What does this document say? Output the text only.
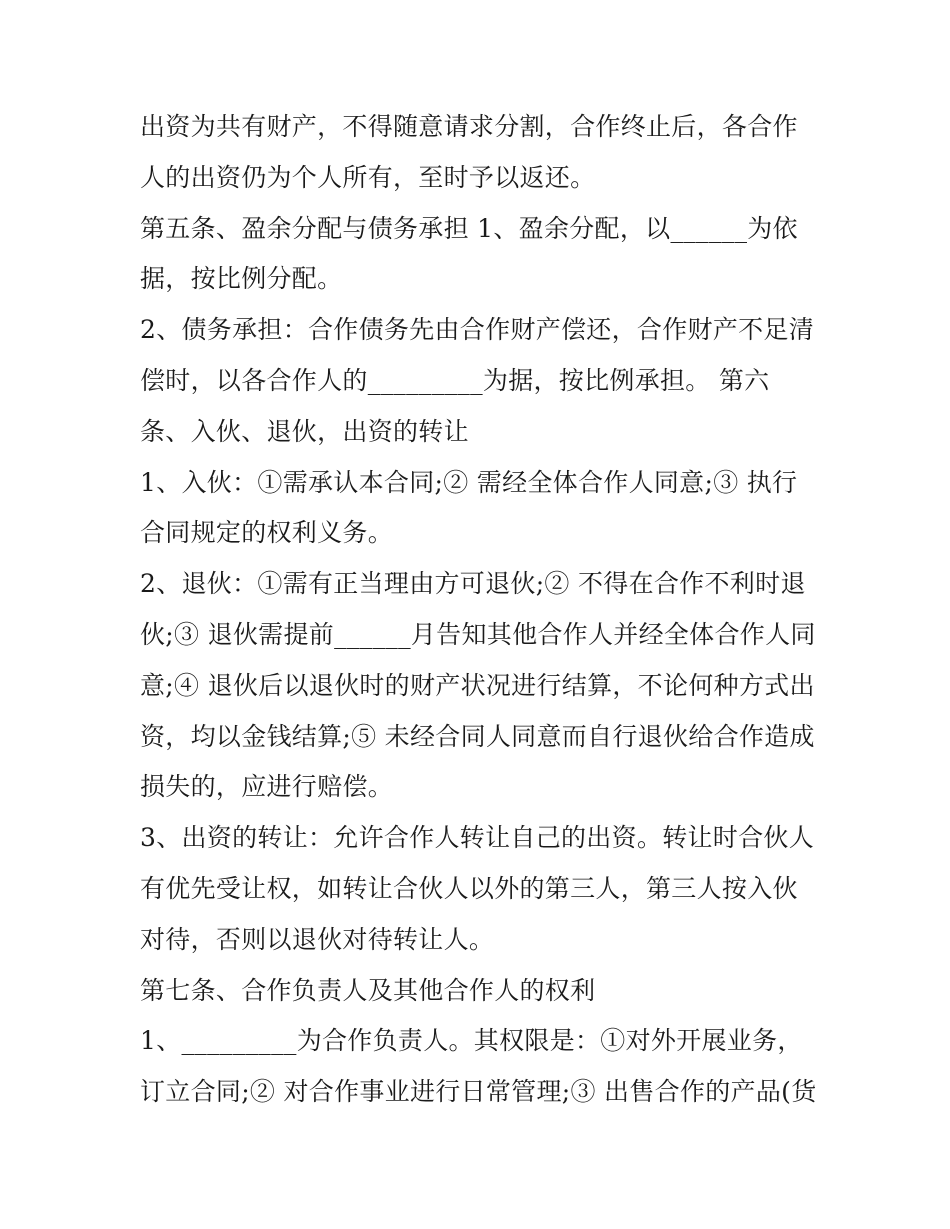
出资为共有财产，不得随意请求分割，合作终止后，各合作人的出资仍为个人所有，至时予以返还。

第五条、盈余分配与债务承担 1、盈余分配，以______为依据，按比例分配。

2、债务承担：合作债务先由合作财产偿还，合作财产不足清偿时，以各合作人的_________为据，按比例承担。 第六条、入伙、退伙，出资的转让

1、入伙：①需承认本合同;② 需经全体合作人同意;③ 执行合同规定的权利义务。

2、退伙：①需有正当理由方可退伙;② 不得在合作不利时退伙;③ 退伙需提前______月告知其他合作人并经全体合作人同意;④ 退伙后以退伙时的财产状况进行结算，不论何种方式出资，均以金钱结算;⑤ 未经合同人同意而自行退伙给合作造成损失的，应进行赔偿。

3、出资的转让：允许合作人转让自己的出资。转让时合伙人有优先受让权，如转让合伙人以外的第三人，第三人按入伙对待，否则以退伙对待转让人。

第七条、合作负责人及其他合作人的权利

1、_________为合作负责人。其权限是：①对外开展业务，订立合同;② 对合作事业进行日常管理;③ 出售合作的产品(货
